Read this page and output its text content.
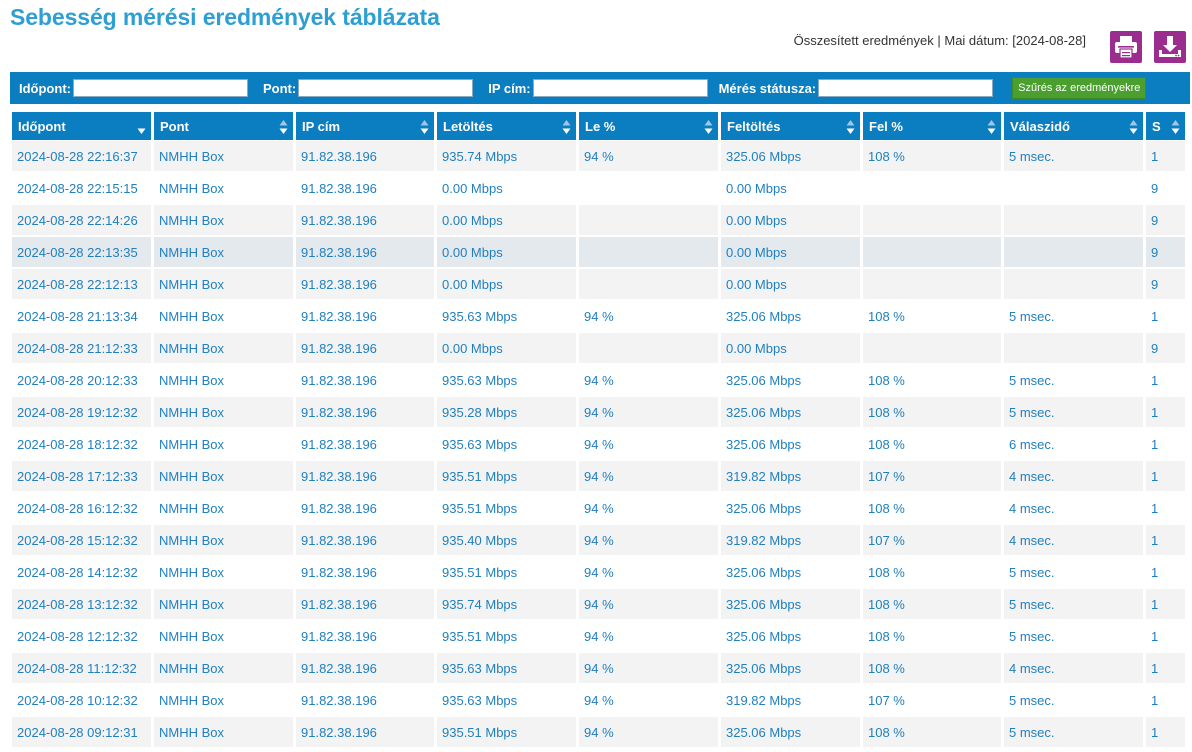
Sebesség mérési eredmények táblázata
Összesített eredmények | Mai dátum: [2024-08-28]
Időpont:	Pont:	IP cím:	Mérés státusza:	Szűrés az eredményekre
Időpont	Pont	IP cím	Letöltés	Le %	Feltöltés	Fel %	Válaszidő	S

2024-08-28 22:16:37	NMHH Box	91.82.38.196	935.74 Mbps	94 %	325.06 Mbps	108 %	5 msec.	1
2024-08-28 22:15:15	NMHH Box	91.82.38.196	0.00 Mbps		0.00 Mbps			9
2024-08-28 22:14:26	NMHH Box	91.82.38.196	0.00 Mbps		0.00 Mbps			9
2024-08-28 22:13:35	NMHH Box	91.82.38.196	0.00 Mbps		0.00 Mbps			9
2024-08-28 22:12:13	NMHH Box	91.82.38.196	0.00 Mbps		0.00 Mbps			9
2024-08-28 21:13:34	NMHH Box	91.82.38.196	935.63 Mbps	94 %	325.06 Mbps	108 %	5 msec.	1
2024-08-28 21:12:33	NMHH Box	91.82.38.196	0.00 Mbps		0.00 Mbps			9
2024-08-28 20:12:33	NMHH Box	91.82.38.196	935.63 Mbps	94 %	325.06 Mbps	108 %	5 msec.	1
2024-08-28 19:12:32	NMHH Box	91.82.38.196	935.28 Mbps	94 %	325.06 Mbps	108 %	5 msec.	1
2024-08-28 18:12:32	NMHH Box	91.82.38.196	935.63 Mbps	94 %	325.06 Mbps	108 %	6 msec.	1
2024-08-28 17:12:33	NMHH Box	91.82.38.196	935.51 Mbps	94 %	319.82 Mbps	107 %	4 msec.	1
2024-08-28 16:12:32	NMHH Box	91.82.38.196	935.51 Mbps	94 %	325.06 Mbps	108 %	4 msec.	1
2024-08-28 15:12:32	NMHH Box	91.82.38.196	935.40 Mbps	94 %	319.82 Mbps	107 %	4 msec.	1
2024-08-28 14:12:32	NMHH Box	91.82.38.196	935.51 Mbps	94 %	325.06 Mbps	108 %	5 msec.	1
2024-08-28 13:12:32	NMHH Box	91.82.38.196	935.74 Mbps	94 %	325.06 Mbps	108 %	5 msec.	1
2024-08-28 12:12:32	NMHH Box	91.82.38.196	935.51 Mbps	94 %	325.06 Mbps	108 %	5 msec.	1
2024-08-28 11:12:32	NMHH Box	91.82.38.196	935.63 Mbps	94 %	325.06 Mbps	108 %	4 msec.	1
2024-08-28 10:12:32	NMHH Box	91.82.38.196	935.63 Mbps	94 %	319.82 Mbps	107 %	5 msec.	1
2024-08-28 09:12:31	NMHH Box	91.82.38.196	935.51 Mbps	94 %	325.06 Mbps	108 %	5 msec.	1
